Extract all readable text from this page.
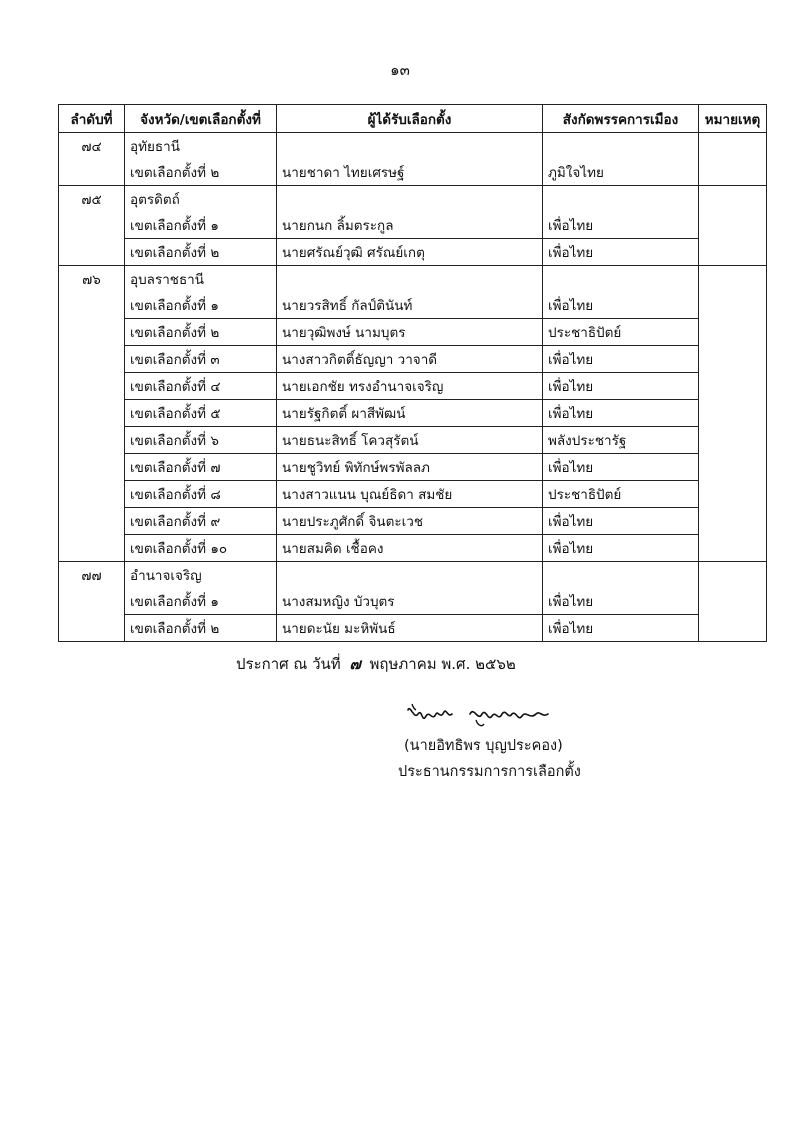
๑๓
ลำดับที่	จังหวัด/เขตเลือกตั้งที่	ผู้ได้รับเลือกตั้ง	สังกัดพรรคการเมือง	หมายเหตุ
๗๔	อุทัยธานี			
	เขตเลือกตั้งที่ ๒	นายชาดา ไทยเศรษฐ์	ภูมิใจไทย	
๗๕	อุตรดิตถ์			
	เขตเลือกตั้งที่ ๑	นายกนก ลิ้มตระกูล	เพื่อไทย	
	เขตเลือกตั้งที่ ๒	นายศรัณย์วุฒิ ศรัณย์เกตุ	เพื่อไทย	
๗๖	อุบลราชธานี			
	เขตเลือกตั้งที่ ๑	นายวรสิทธิ์ กัลป์ตินันท์	เพื่อไทย	
	เขตเลือกตั้งที่ ๒	นายวุฒิพงษ์ นามบุตร	ประชาธิปัตย์	
	เขตเลือกตั้งที่ ๓	นางสาวกิตติ์ธัญญา วาจาดี	เพื่อไทย	
	เขตเลือกตั้งที่ ๔	นายเอกชัย ทรงอำนาจเจริญ	เพื่อไทย	
	เขตเลือกตั้งที่ ๕	นายรัฐกิตติ์ ผาสีพัฒน์	เพื่อไทย	
	เขตเลือกตั้งที่ ๖	นายธนะสิทธิ์ โควสุรัตน์	พลังประชารัฐ	
	เขตเลือกตั้งที่ ๗	นายชูวิทย์ พิทักษ์พรพัลลภ	เพื่อไทย	
	เขตเลือกตั้งที่ ๘	นางสาวแนน บุณย์ธิดา สมชัย	ประชาธิปัตย์	
	เขตเลือกตั้งที่ ๙	นายประภูศักดิ์ จินตะเวช	เพื่อไทย	
	เขตเลือกตั้งที่ ๑๐	นายสมคิด เชื้อคง	เพื่อไทย	
๗๗	อำนาจเจริญ			
	เขตเลือกตั้งที่ ๑	นางสมหญิง บัวบุตร	เพื่อไทย	
	เขตเลือกตั้งที่ ๒	นายดะนัย มะหิพันธ์	เพื่อไทย	
ประกาศ ณ วันที่ ๗ พฤษภาคม พ.ศ. ๒๕๖๒
(นายอิทธิพร บุญประคอง)
ประธานกรรมการการเลือกตั้ง
